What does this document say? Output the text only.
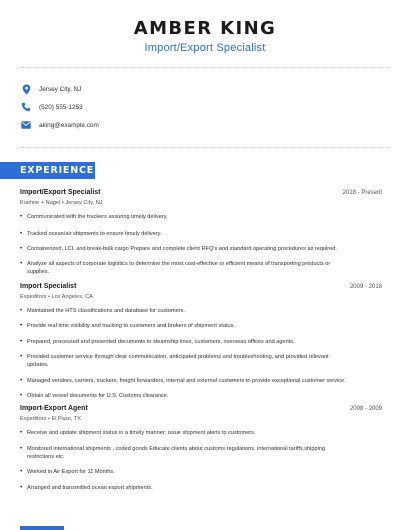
AMBER KING
Import/Export Specialist
Jersey City, NJ
(520) 555-1253
aking@example.com
EXPERIENCE
Import/Export Specialist	2018 - Present
Kuehne + Nagel • Jersey City, NJ
• Communicated with the truckers assuring timely delivery.
• Tracked ocean/air shipments to ensure timely delivery.
• Containerized, LCL and break-bulk cargo Prepare and complete client RFQ's and standard operating procedures as required.
• Analyze all aspects of corporate logistics to determine the most cost-effective or efficient means of transporting products or
supplies.
Import Specialist	2009 - 2018
Expeditors • Los Angeles, CA
• Maintained the HTS classifications and database for customers.
• Provide real time visibility and tracking to customers and brokers of shipment status.
• Prepared, processed and presented documents to steamship lines, customers, overseas offices and agents.
• Provided customer service through clear communication, anticipated problems and troubleshooting, and provided relevant
updates.
• Managed vendors, carriers, truckers, freight forwarders, internal and external customers to provide exceptional customer service.
• Obtain all vessel documents for U.S. Customs clearance.
Import-Export Agent	2008 - 2009
Expeditors • El Paso, TX
• Receive and update shipment status in a timely manner; issue shipment alerts to customers.
• Monitored international shipments , coded goods Educate clients about customs regulations, international tariffs,shipping
restrictions etc.
• Worked in Air Export for 11 Months.
• Arranged and transmitted ocean export shipments.
